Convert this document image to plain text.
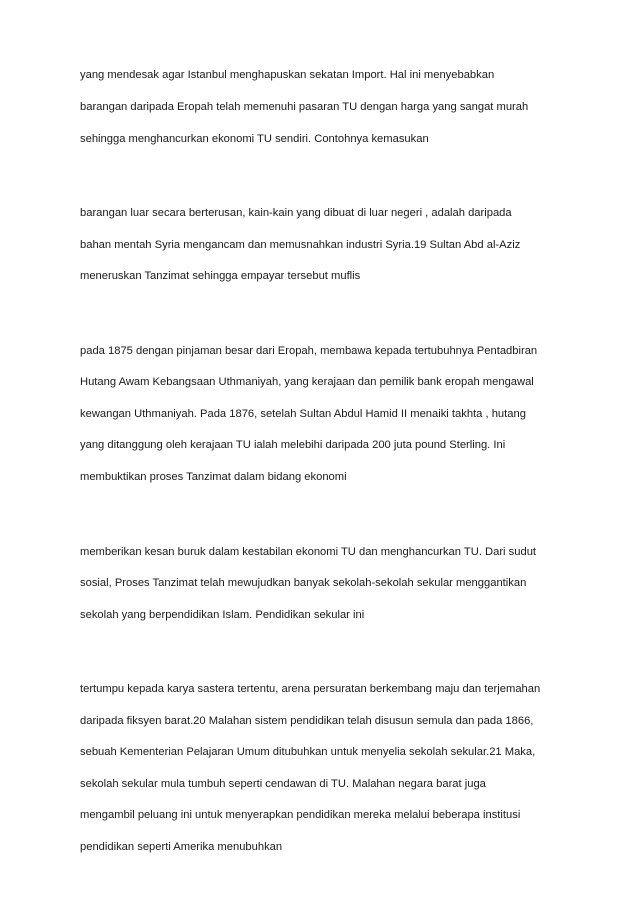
yang mendesak agar Istanbul menghapuskan sekatan Import. Hal ini menyebabkan
barangan daripada Eropah telah memenuhi pasaran TU dengan harga yang sangat murah
sehingga menghancurkan ekonomi TU sendiri. Contohnya kemasukan
barangan luar secara berterusan, kain-kain yang dibuat di luar negeri , adalah daripada
bahan mentah Syria mengancam dan memusnahkan industri Syria.19 Sultan Abd al-Aziz
meneruskan Tanzimat sehingga empayar tersebut muflis
pada 1875 dengan pinjaman besar dari Eropah, membawa kepada tertubuhnya Pentadbiran
Hutang Awam Kebangsaan Uthmaniyah, yang kerajaan dan pemilik bank eropah mengawal
kewangan Uthmaniyah. Pada 1876, setelah Sultan Abdul Hamid II menaiki takhta , hutang
yang ditanggung oleh kerajaan TU ialah melebihi daripada 200 juta pound Sterling. Ini
membuktikan proses Tanzimat dalam bidang ekonomi
memberikan kesan buruk dalam kestabilan ekonomi TU dan menghancurkan TU. Dari sudut
sosial, Proses Tanzimat telah mewujudkan banyak sekolah-sekolah sekular menggantikan
sekolah yang berpendidikan Islam. Pendidikan sekular ini
tertumpu kepada karya sastera tertentu, arena persuratan berkembang maju dan terjemahan
daripada fiksyen barat.20 Malahan sistem pendidikan telah disusun semula dan pada 1866,
sebuah Kementerian Pelajaran Umum ditubuhkan untuk menyelia sekolah sekular.21 Maka,
sekolah sekular mula tumbuh seperti cendawan di TU. Malahan negara barat juga
mengambil peluang ini untuk menyerapkan pendidikan mereka melalui beberapa institusi
pendidikan seperti Amerika menubuhkan
